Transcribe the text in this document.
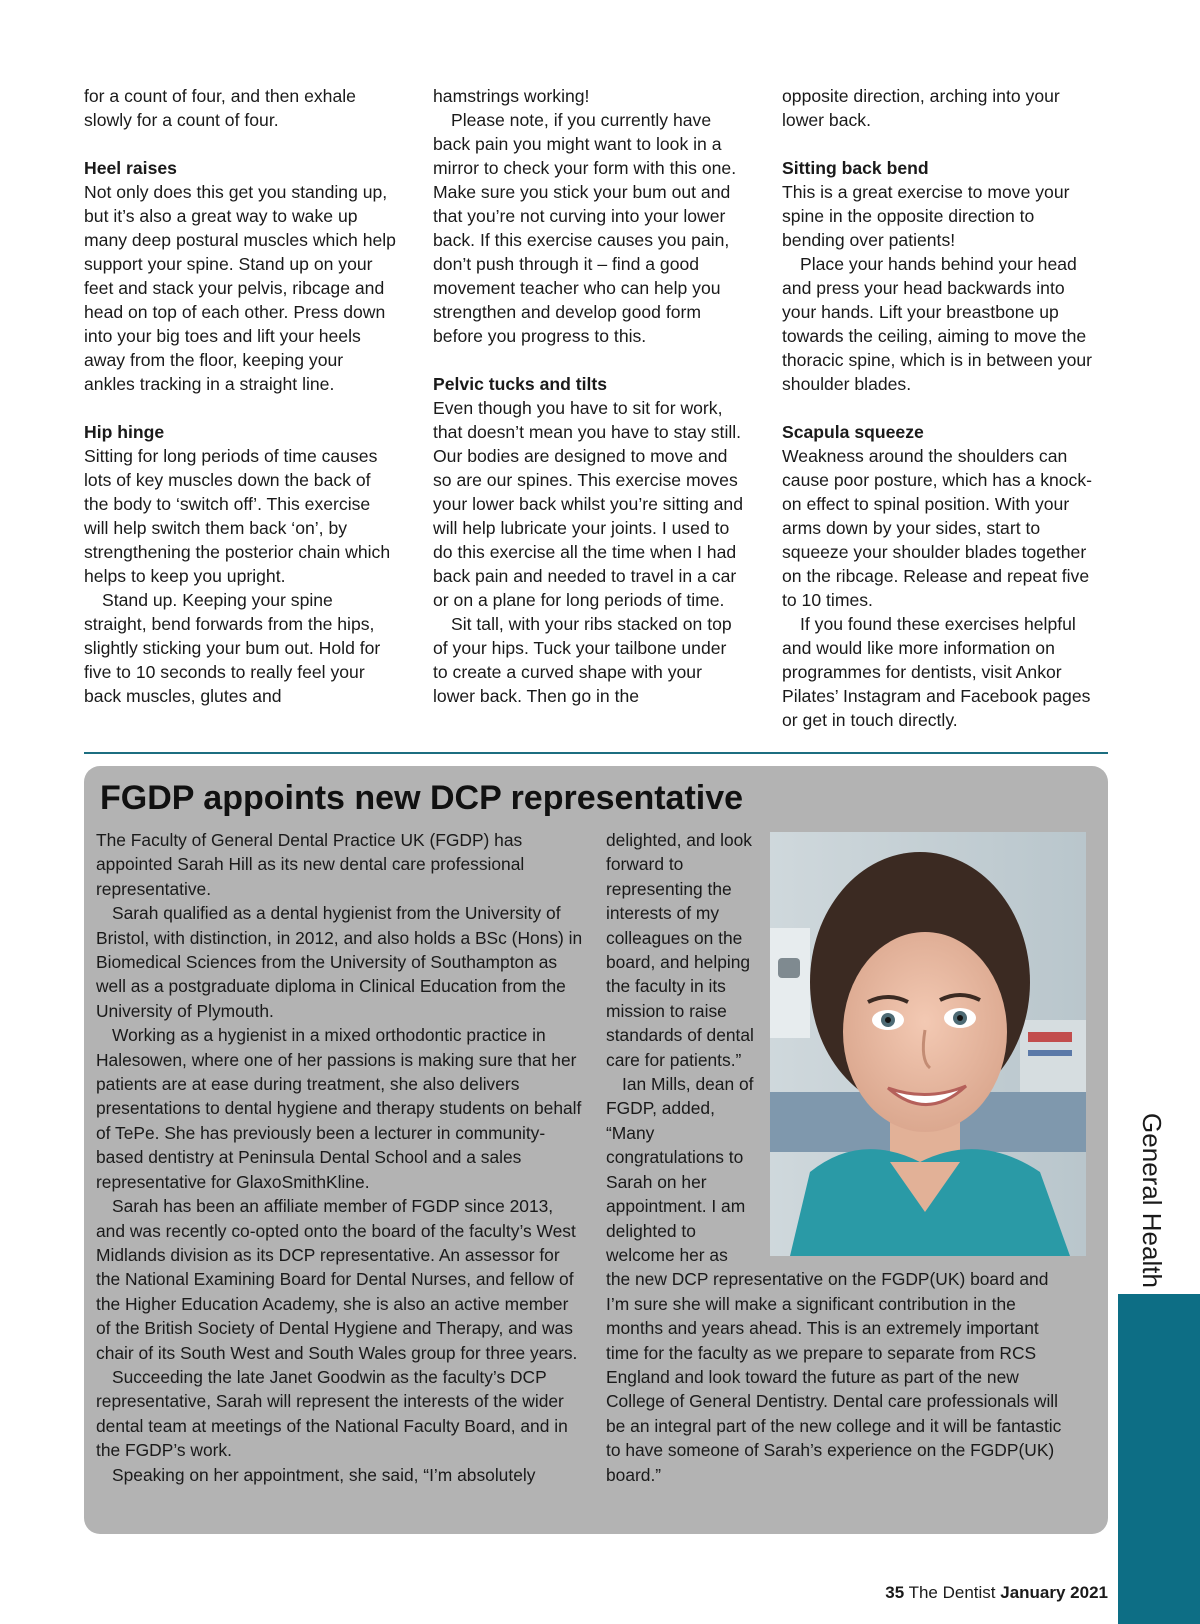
for a count of four, and then exhale slowly for a count of four.

Heel raises

Not only does this get you standing up, but it’s also a great way to wake up many deep postural muscles which help support your spine. Stand up on your feet and stack your pelvis, ribcage and head on top of each other. Press down into your big toes and lift your heels away from the floor, keeping your ankles tracking in a straight line.

Hip hinge

Sitting for long periods of time causes lots of key muscles down the back of the body to ‘switch off’. This exercise will help switch them back ‘on’, by strengthening the posterior chain which helps to keep you upright.

Stand up. Keeping your spine straight, bend forwards from the hips, slightly sticking your bum out. Hold for five to 10 seconds to really feel your back muscles, glutes and

hamstrings working!

Please note, if you currently have back pain you might want to look in a mirror to check your form with this one. Make sure you stick your bum out and that you’re not curving into your lower back. If this exercise causes you pain, don’t push through it – find a good movement teacher who can help you strengthen and develop good form before you progress to this.

Pelvic tucks and tilts

Even though you have to sit for work, that doesn’t mean you have to stay still. Our bodies are designed to move and so are our spines. This exercise moves your lower back whilst you’re sitting and will help lubricate your joints. I used to do this exercise all the time when I had back pain and needed to travel in a car or on a plane for long periods of time.

Sit tall, with your ribs stacked on top of your hips. Tuck your tailbone under to create a curved shape with your lower back. Then go in the

opposite direction, arching into your lower back.

Sitting back bend

This is a great exercise to move your spine in the opposite direction to bending over patients!

Place your hands behind your head and press your head backwards into your hands. Lift your breastbone up towards the ceiling, aiming to move the thoracic spine, which is in between your shoulder blades.

Scapula squeeze

Weakness around the shoulders can cause poor posture, which has a knock-on effect to spinal position. With your arms down by your sides, start to squeeze your shoulder blades together on the ribcage. Release and repeat five to 10 times.

If you found these exercises helpful and would like more information on programmes for dentists, visit Ankor Pilates’ Instagram and Facebook pages or get in touch directly.

FGDP appoints new DCP representative

The Faculty of General Dental Practice UK (FGDP) has appointed Sarah Hill as its new dental care professional representative.

Sarah qualified as a dental hygienist from the University of Bristol, with distinction, in 2012, and also holds a BSc (Hons) in Biomedical Sciences from the University of Southampton as well as a postgraduate diploma in Clinical Education from the University of Plymouth.

Working as a hygienist in a mixed orthodontic practice in Halesowen, where one of her passions is making sure that her patients are at ease during treatment, she also delivers presentations to dental hygiene and therapy students on behalf of TePe. She has previously been a lecturer in community-based dentistry at Peninsula Dental School and a sales representative for GlaxoSmithKline.

Sarah has been an affiliate member of FGDP since 2013, and was recently co-opted onto the board of the faculty’s West Midlands division as its DCP representative. An assessor for the National Examining Board for Dental Nurses, and fellow of the Higher Education Academy, she is also an active member of the British Society of Dental Hygiene and Therapy, and was chair of its South West and South Wales group for three years.

Succeeding the late Janet Goodwin as the faculty’s DCP representative, Sarah will represent the interests of the wider dental team at meetings of the National Faculty Board, and in the FGDP’s work.

Speaking on her appointment, she said, “I’m absolutely

delighted, and look forward to representing the interests of my colleagues on the board, and helping the faculty in its mission to raise standards of dental care for patients.”

Ian Mills, dean of FGDP, added, “Many congratulations to Sarah on her appointment. I am delighted to welcome her as

the new DCP representative on the FGDP(UK) board and I’m sure she will make a significant contribution in the months and years ahead. This is an extremely important time for the faculty as we prepare to separate from RCS England and look toward the future as part of the new College of General Dentistry. Dental care professionals will be an integral part of the new college and it will be fantastic to have someone of Sarah’s experience on the FGDP(UK) board.”

General Health
35 The Dentist January 2021
